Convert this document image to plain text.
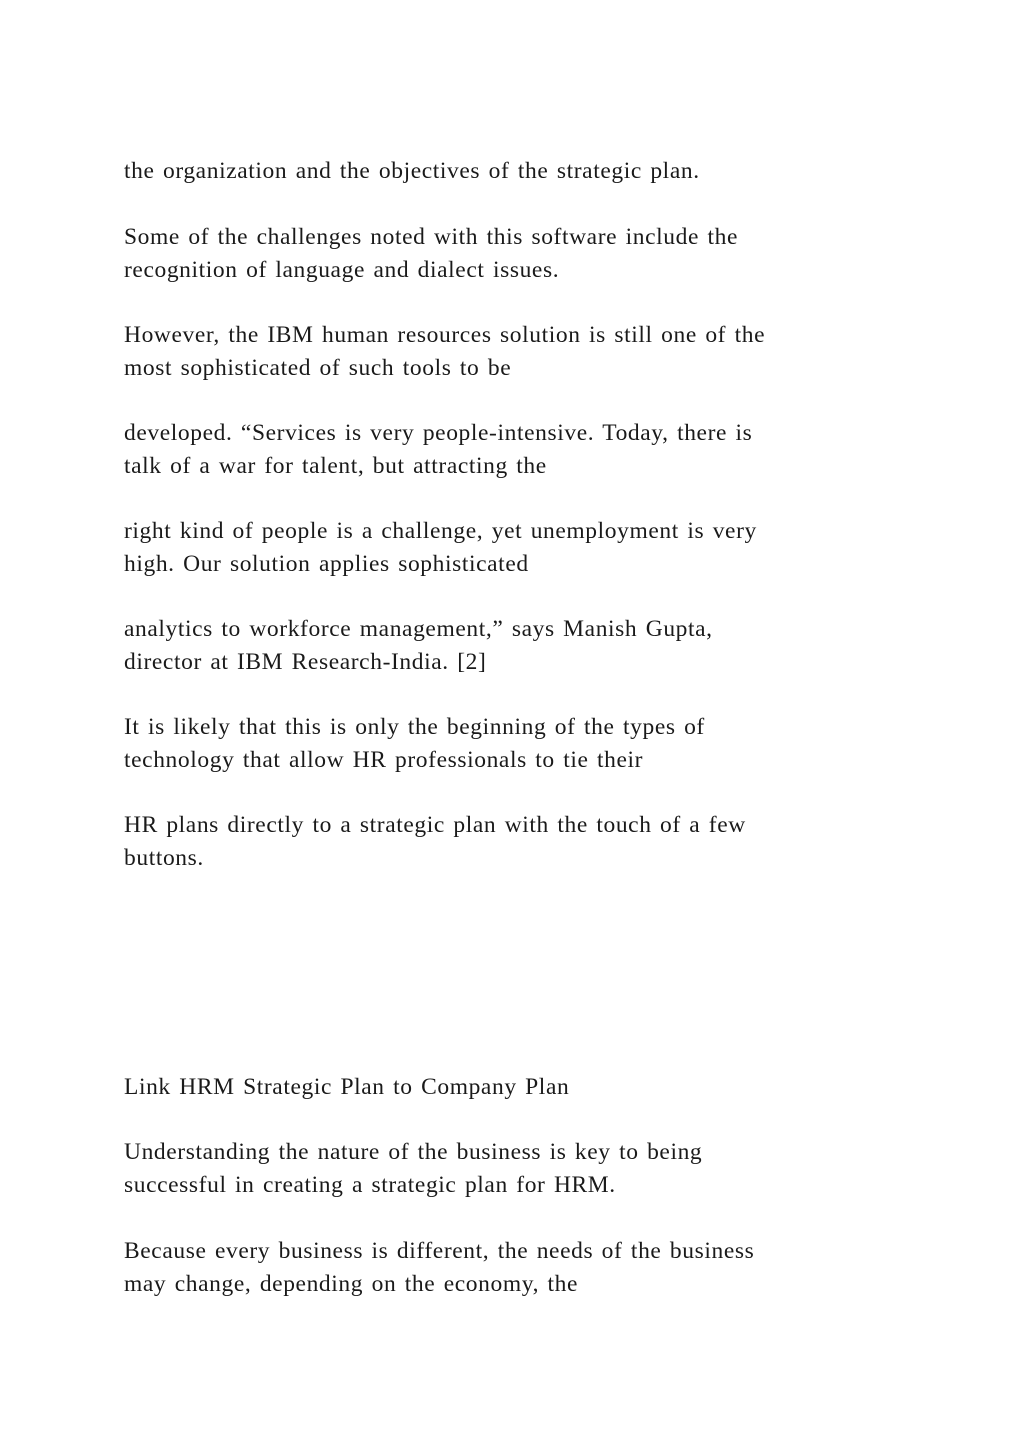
the organization and the objectives of the strategic plan.

Some of the challenges noted with this software include the
recognition of language and dialect issues.

However, the IBM human resources solution is still one of the
most sophisticated of such tools to be

developed. “Services is very people-intensive. Today, there is
talk of a war for talent, but attracting the

right kind of people is a challenge, yet unemployment is very
high. Our solution applies sophisticated

analytics to workforce management,” says Manish Gupta,
director at IBM Research-India. [2]

It is likely that this is only the beginning of the types of
technology that allow HR professionals to tie their

HR plans directly to a strategic plan with the touch of a few
buttons.

Link HRM Strategic Plan to Company Plan

Understanding the nature of the business is key to being
successful in creating a strategic plan for HRM.

Because every business is different, the needs of the business
may change, depending on the economy, the
